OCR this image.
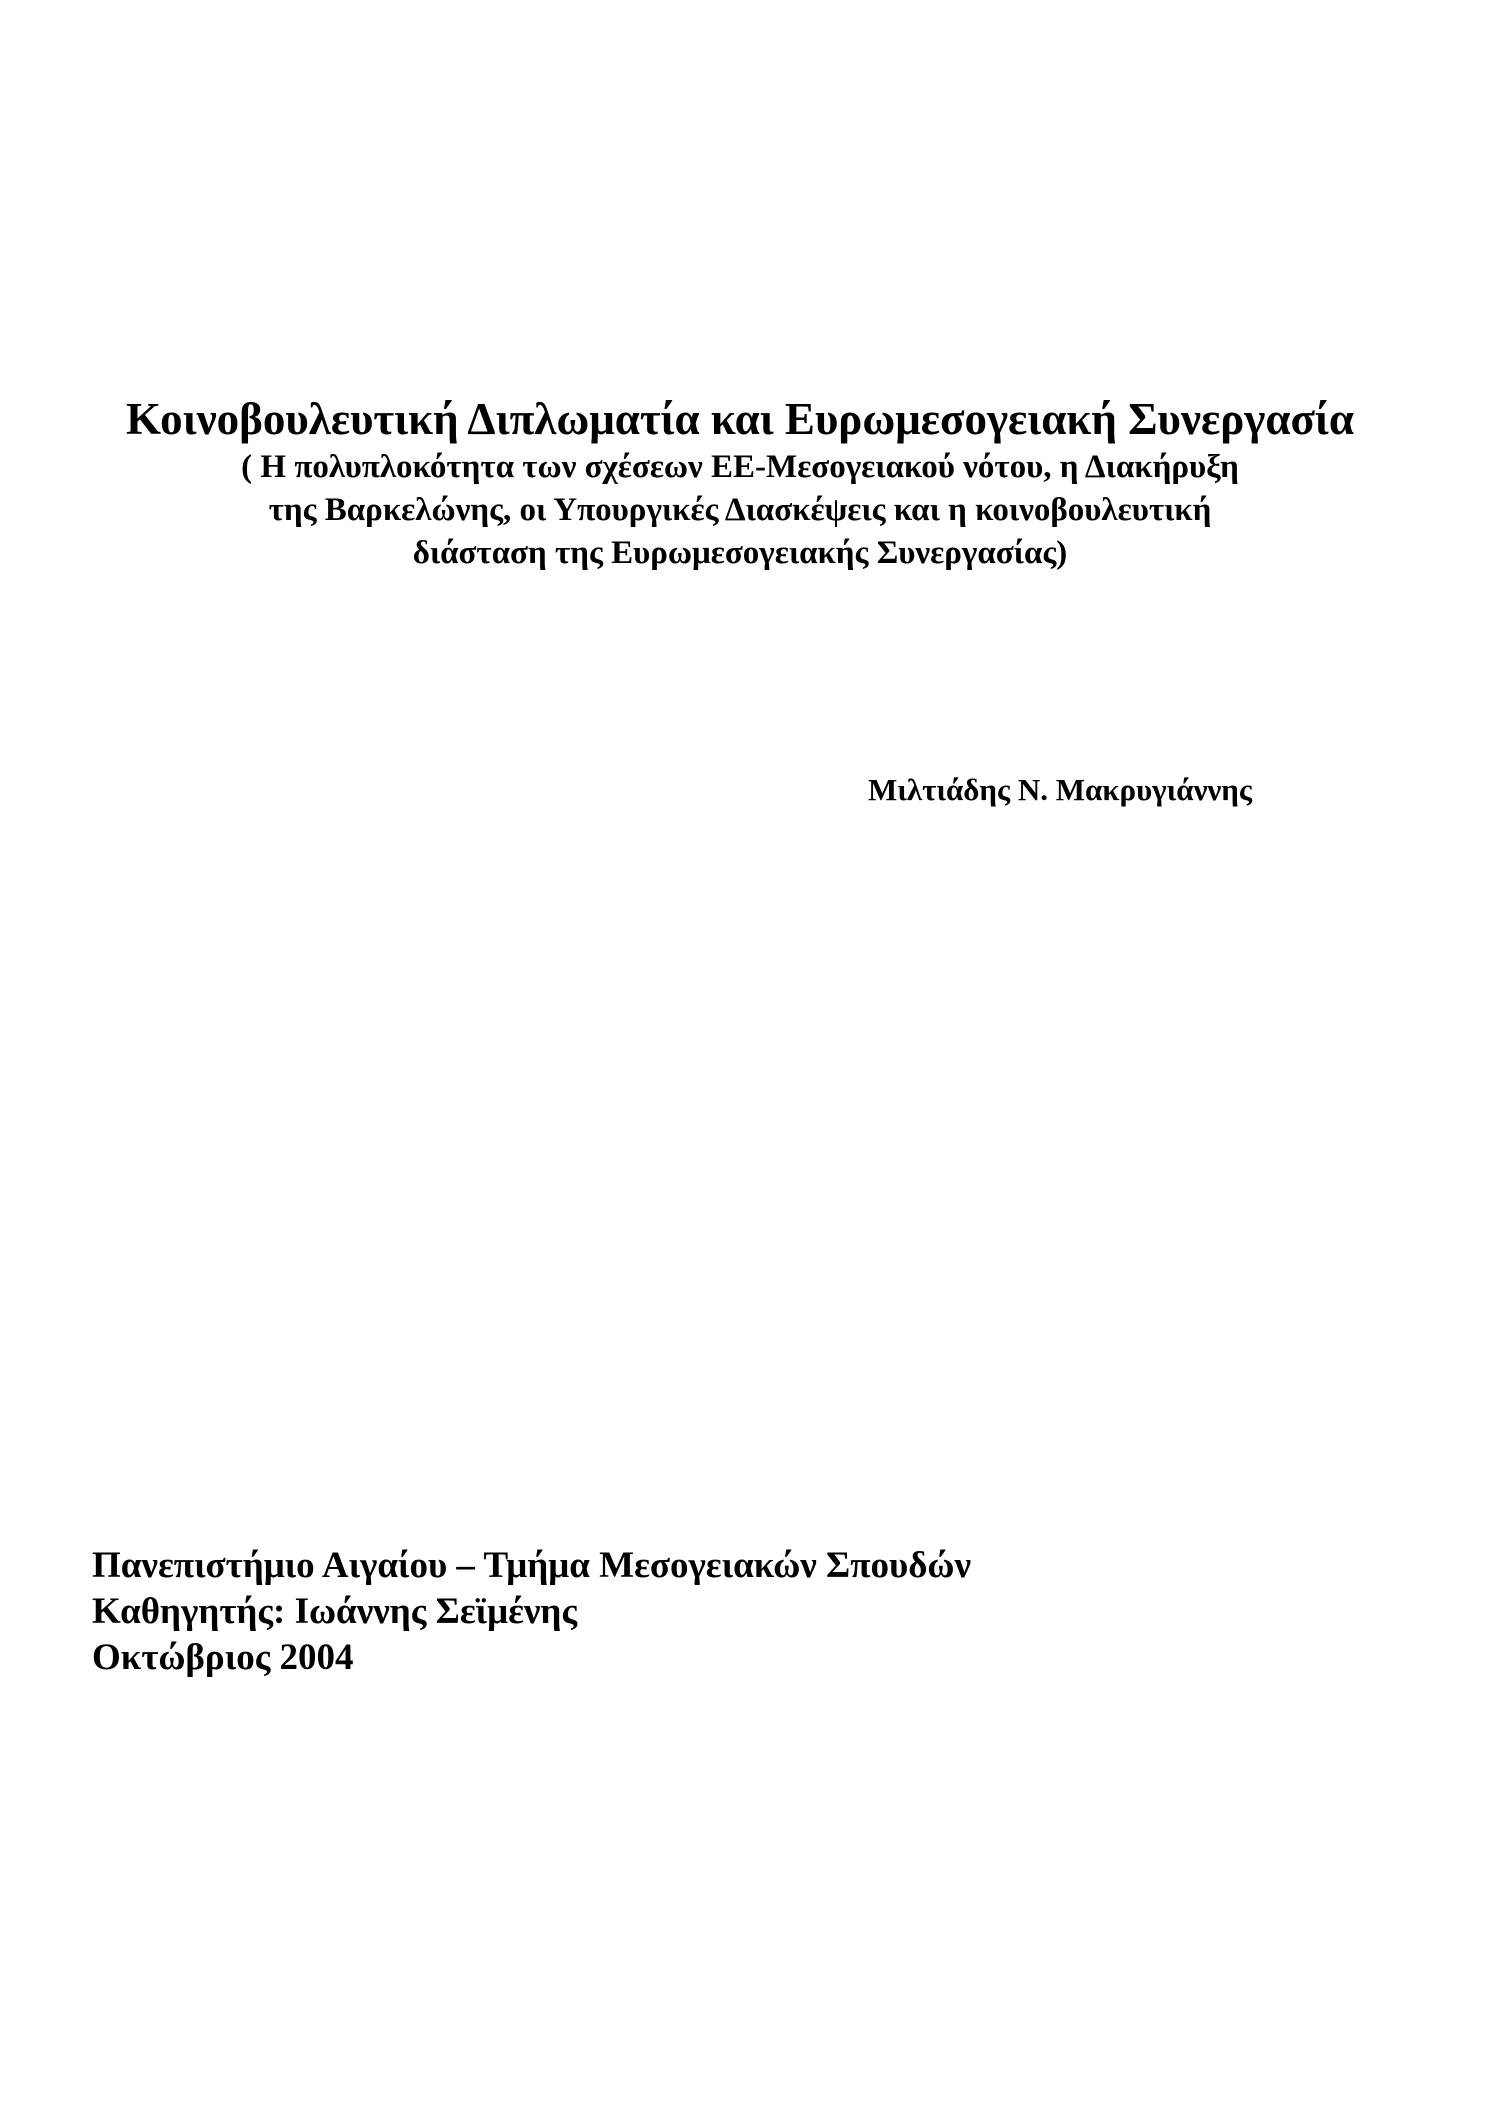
Κοινοβουλευτική Διπλωματία και Ευρωμεσογειακή Συνεργασία
( Η πολυπλοκότητα των σχέσεων ΕΕ-Μεσογειακού νότου, η Διακήρυξη
της Βαρκελώνης, οι Υπουργικές Διασκέψεις και η κοινοβουλευτική
διάσταση της Ευρωμεσογειακής Συνεργασίας)
Μιλτιάδης Ν. Μακρυγιάννης
Πανεπιστήμιο Αιγαίου – Τμήμα Μεσογειακών Σπουδών
Καθηγητής: Ιωάννης Σεϊμένης
Οκτώβριος 2004
